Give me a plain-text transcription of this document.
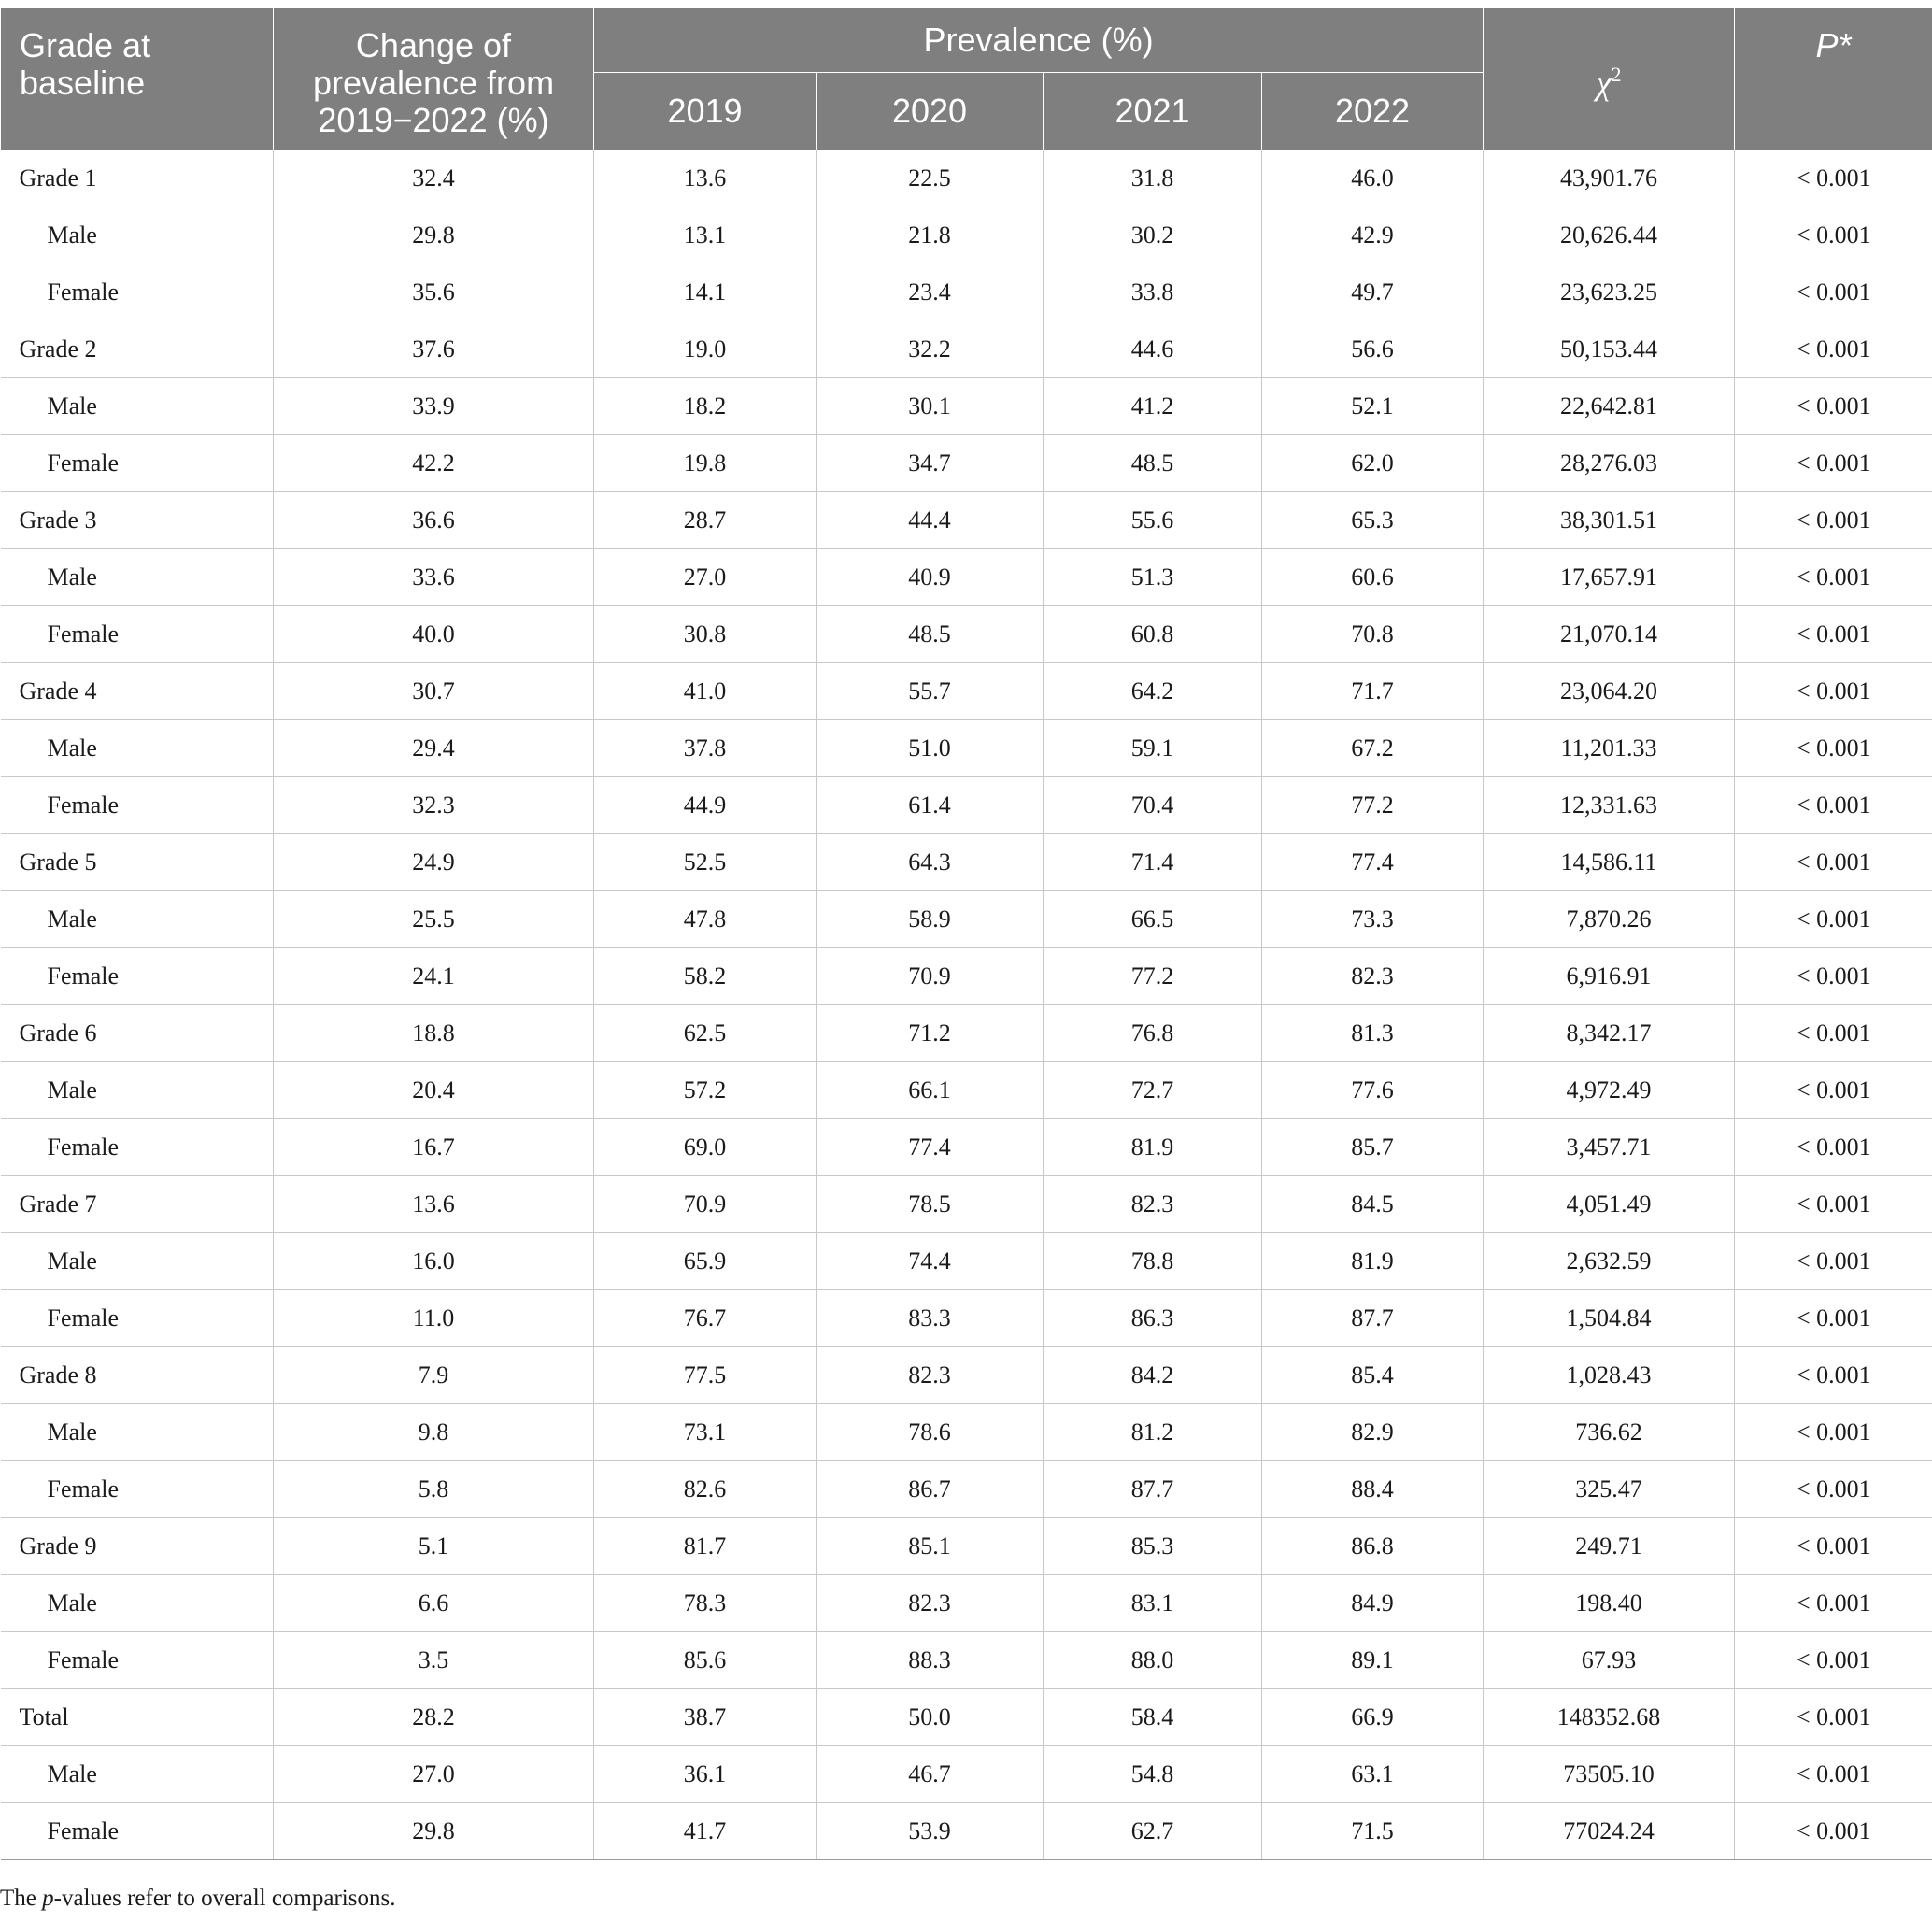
Grade at baseline	Change of prevalence from 2019−2022 (%)	Prevalence (%)				$\chi^2$	P*
		2019	2020	2021	2022		
Grade 1	32.4	13.6	22.5	31.8	46.0	43,901.76	< 0.001
Male	29.8	13.1	21.8	30.2	42.9	20,626.44	< 0.001
Female	35.6	14.1	23.4	33.8	49.7	23,623.25	< 0.001
Grade 2	37.6	19.0	32.2	44.6	56.6	50,153.44	< 0.001
Male	33.9	18.2	30.1	41.2	52.1	22,642.81	< 0.001
Female	42.2	19.8	34.7	48.5	62.0	28,276.03	< 0.001
Grade 3	36.6	28.7	44.4	55.6	65.3	38,301.51	< 0.001
Male	33.6	27.0	40.9	51.3	60.6	17,657.91	< 0.001
Female	40.0	30.8	48.5	60.8	70.8	21,070.14	< 0.001
Grade 4	30.7	41.0	55.7	64.2	71.7	23,064.20	< 0.001
Male	29.4	37.8	51.0	59.1	67.2	11,201.33	< 0.001
Female	32.3	44.9	61.4	70.4	77.2	12,331.63	< 0.001
Grade 5	24.9	52.5	64.3	71.4	77.4	14,586.11	< 0.001
Male	25.5	47.8	58.9	66.5	73.3	7,870.26	< 0.001
Female	24.1	58.2	70.9	77.2	82.3	6,916.91	< 0.001
Grade 6	18.8	62.5	71.2	76.8	81.3	8,342.17	< 0.001
Male	20.4	57.2	66.1	72.7	77.6	4,972.49	< 0.001
Female	16.7	69.0	77.4	81.9	85.7	3,457.71	< 0.001
Grade 7	13.6	70.9	78.5	82.3	84.5	4,051.49	< 0.001
Male	16.0	65.9	74.4	78.8	81.9	2,632.59	< 0.001
Female	11.0	76.7	83.3	86.3	87.7	1,504.84	< 0.001
Grade 8	7.9	77.5	82.3	84.2	85.4	1,028.43	< 0.001
Male	9.8	73.1	78.6	81.2	82.9	736.62	< 0.001
Female	5.8	82.6	86.7	87.7	88.4	325.47	< 0.001
Grade 9	5.1	81.7	85.1	85.3	86.8	249.71	< 0.001
Male	6.6	78.3	82.3	83.1	84.9	198.40	< 0.001
Female	3.5	85.6	88.3	88.0	89.1	67.93	< 0.001
Total	28.2	38.7	50.0	58.4	66.9	148352.68	< 0.001
Male	27.0	36.1	46.7	54.8	63.1	73505.10	< 0.001
Female	29.8	41.7	53.9	62.7	71.5	77024.24	< 0.001
The p-values refer to overall comparisons.
